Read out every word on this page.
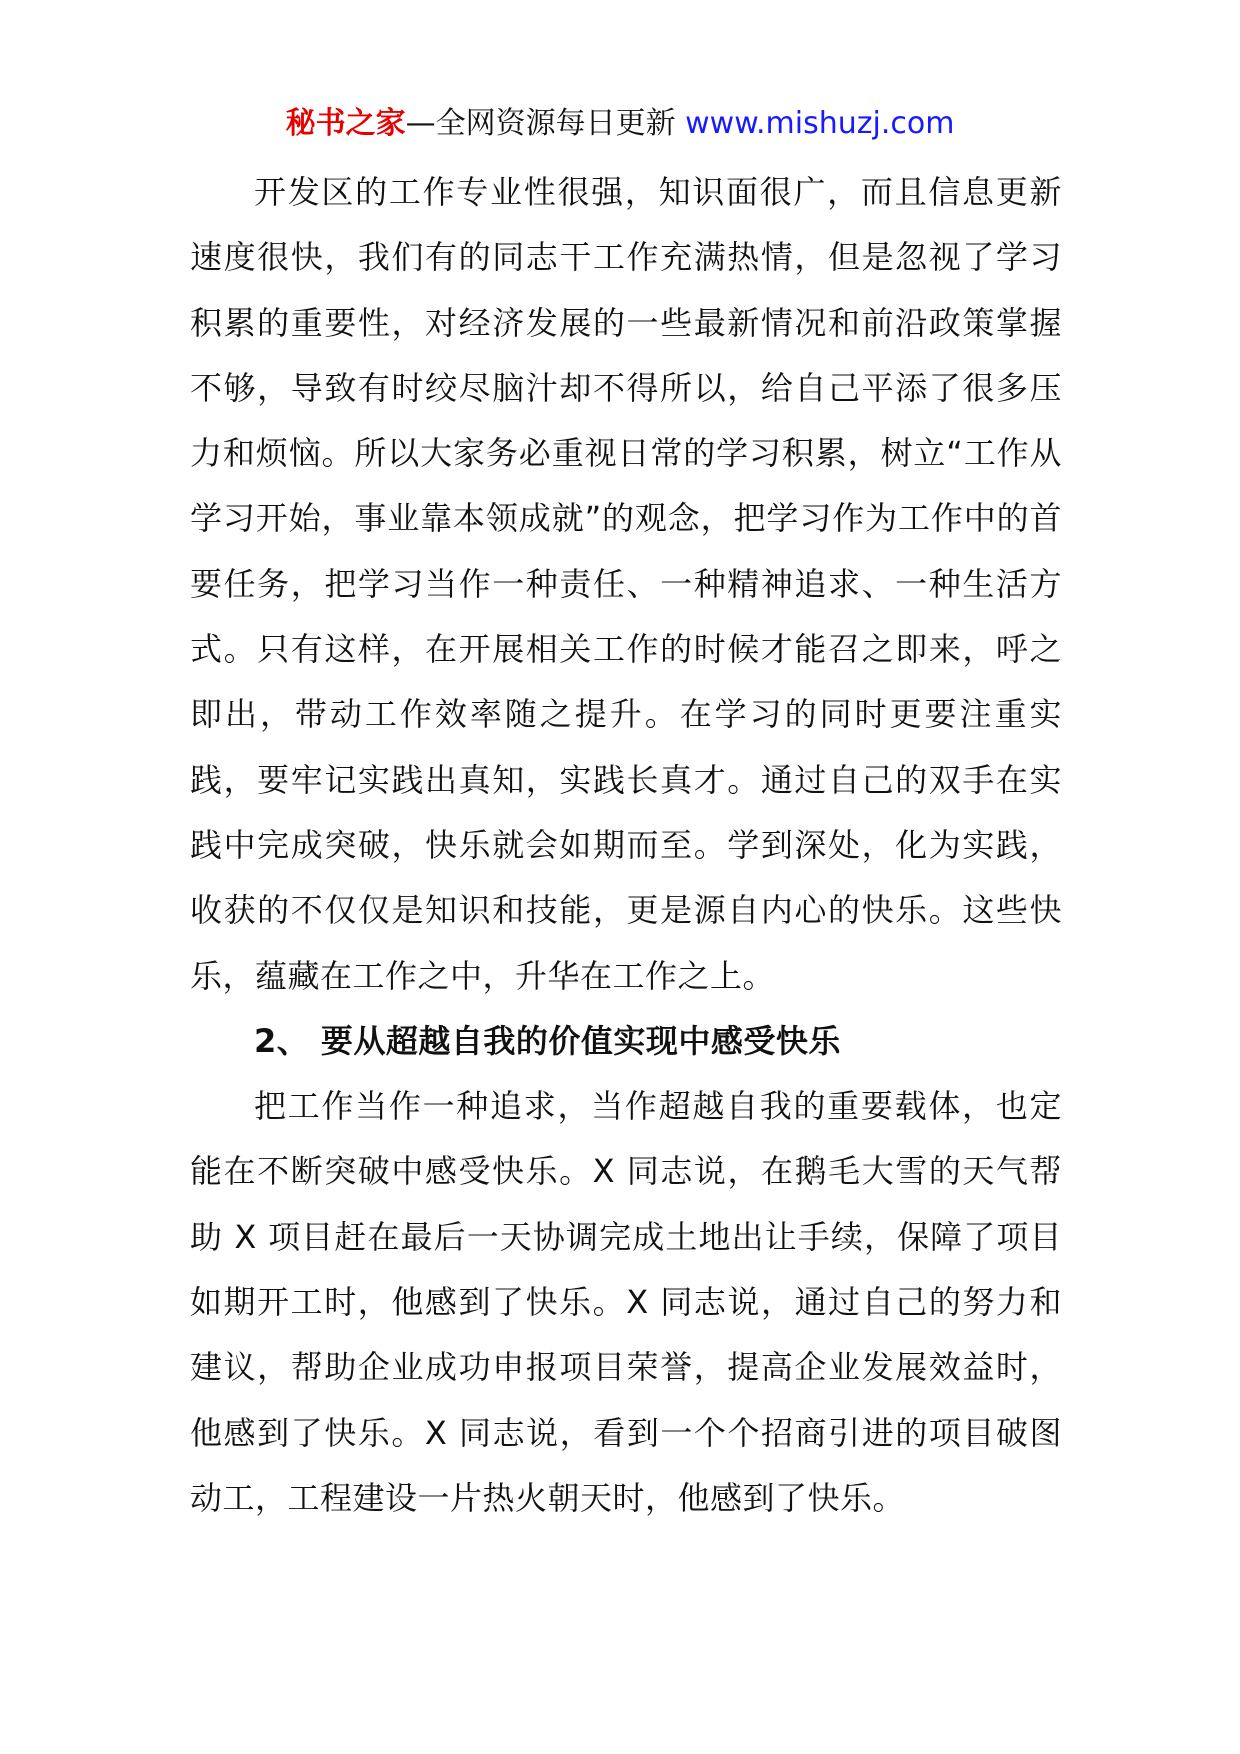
秘书之家—全网资源每日更新 www.mishuzj.com

开发区的工作专业性很强，知识面很广，而且信息更新速度很快，我们有的同志干工作充满热情，但是忽视了学习积累的重要性，对经济发展的一些最新情况和前沿政策掌握不够，导致有时绞尽脑汁却不得所以，给自己平添了很多压力和烦恼。所以大家务必重视日常的学习积累，树立“工作从学习开始，事业靠本领成就”的观念，把学习作为工作中的首要任务，把学习当作一种责任、一种精神追求、一种生活方式。只有这样，在开展相关工作的时候才能召之即来，呼之即出，带动工作效率随之提升。在学习的同时更要注重实践，要牢记实践出真知，实践长真才。通过自己的双手在实践中完成突破，快乐就会如期而至。学到深处，化为实践，收获的不仅仅是知识和技能，更是源自内心的快乐。这些快乐，蕴藏在工作之中，升华在工作之上。

2、 要从超越自我的价值实现中感受快乐

把工作当作一种追求，当作超越自我的重要载体，也定能在不断突破中感受快乐。X 同志说，在鹅毛大雪的天气帮助 X 项目赶在最后一天协调完成土地出让手续，保障了项目如期开工时，他感到了快乐。X 同志说，通过自己的努力和建议，帮助企业成功申报项目荣誉，提高企业发展效益时，他感到了快乐。X 同志说，看到一个个招商引进的项目破图动工，工程建设一片热火朝天时，他感到了快乐。
